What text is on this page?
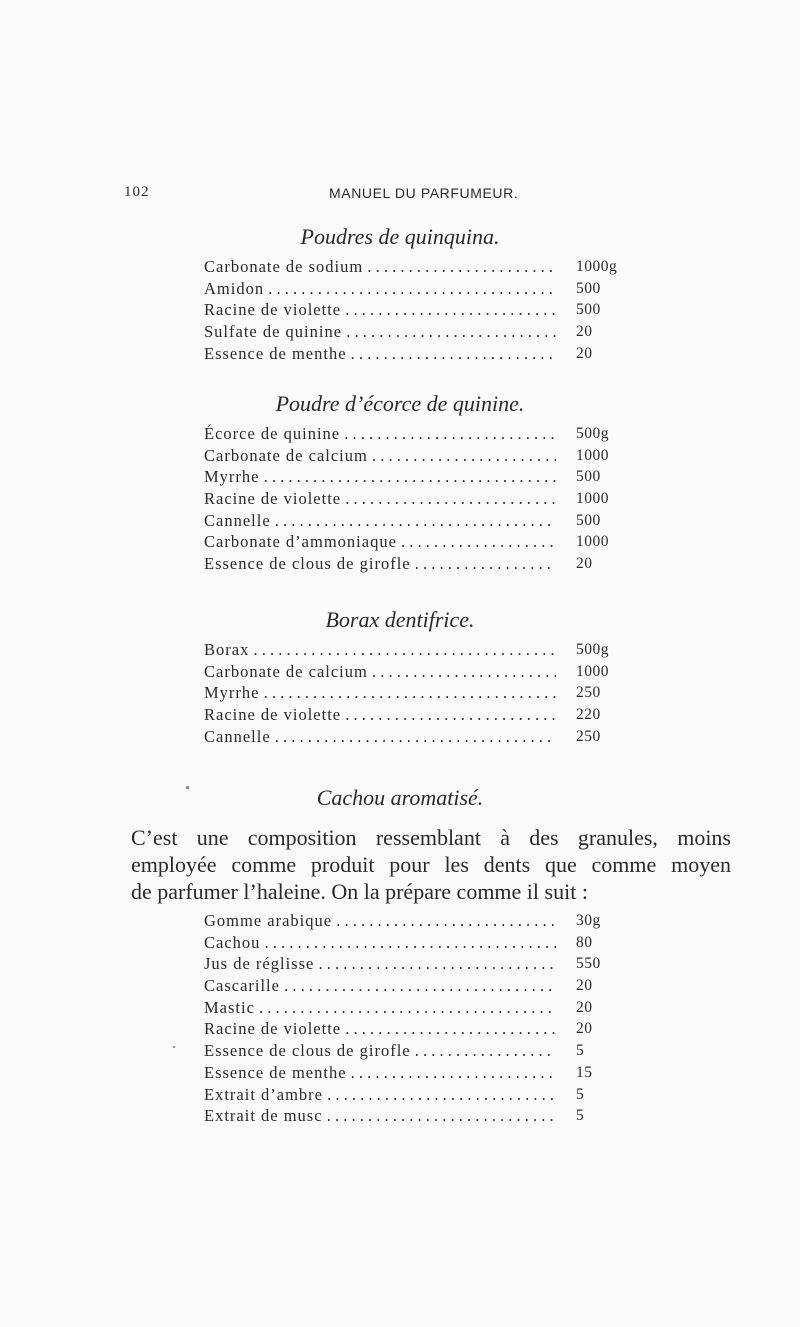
102	MANUEL DU PARFUMEUR.
Poudres de quinquina.
Carbonate de sodium . . .	1000g
Amidon . . .	500
Racine de violette . . .	500
Sulfate de quinine . . .	20
Essence de menthe . . .	20
Poudre d’écorce de quinine.
Écorce de quinine . . .	500g
Carbonate de calcium . . .	1000
Myrrhe . . .	500
Racine de violette . . .	1000
Cannelle . . .	500
Carbonate d’ammoniaque . . .	1000
Essence de clous de girofle . . .	20
Borax dentifrice.
Borax . . .	500g
Carbonate de calcium . . .	1000
Myrrhe . . .	250
Racine de violette . . .	220
Cannelle . . .	250
Cachou aromatisé.
C’est une composition ressemblant à des granules, moins
employée comme produit pour les dents que comme moyen
de parfumer l’haleine. On la prépare comme il suit :
Gomme arabique . . .	30g
Cachou . . .	80
Jus de réglisse . . .	550
Cascarille . . .	20
Mastic . . .	20
Racine de violette . . .	20
Essence de clous de girofle . . .	5
Essence de menthe . . .	15
Extrait d’ambre . . .	5
Extrait de musc . . .	5
